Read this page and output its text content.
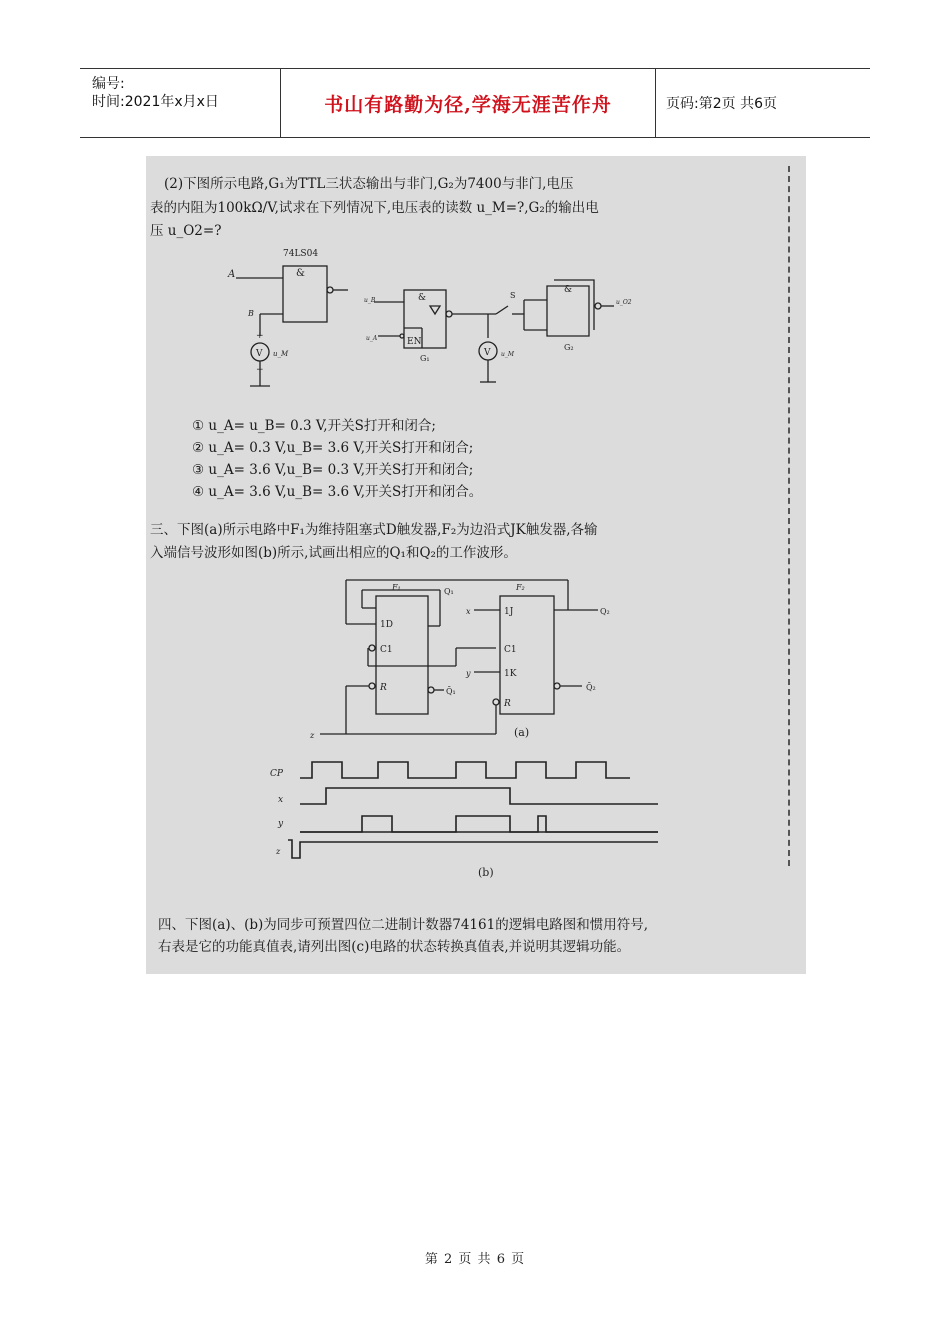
编号:
时间:2021年x月x日	书山有路勤为径,学海无涯苦作舟	页码:第2页 共6页
(2)下图所示电路,G₁为TTL三状态输出与非门,G₂为7400与非门,电压
表的内阻为100kΩ/V,试求在下列情况下,电压表的读数 u_M=?,G₂的输出电
压 u_O2=?
74LS04
&
A
B
V u_M
+
−
&
EN
G₁
u_B
u_A
S
V u_M
&
G₂
u_O2
① u_A= u_B= 0.3 V,开关S打开和闭合;
② u_A= 0.3 V,u_B= 3.6 V,开关S打开和闭合;
③ u_A= 3.6 V,u_B= 0.3 V,开关S打开和闭合;
④ u_A= 3.6 V,u_B= 3.6 V,开关S打开和闭合。
三、下图(a)所示电路中F₁为维持阻塞式D触发器,F₂为边沿式JK触发器,各输
入端信号波形如图(b)所示,试画出相应的Q₁和Q₂的工作波形。
F₁	F₂
1D
C1
R
Q₁
Q̄₁
x
y
1J
C1
1K
R
Q₂
Q̄₂
z	(a)
CP
x
y
z
(b)
四、下图(a)、(b)为同步可预置四位二进制计数器74161的逻辑电路图和惯用符号,
右表是它的功能真值表,请列出图(c)电路的状态转换真值表,并说明其逻辑功能。
第 2 页 共 6 页
